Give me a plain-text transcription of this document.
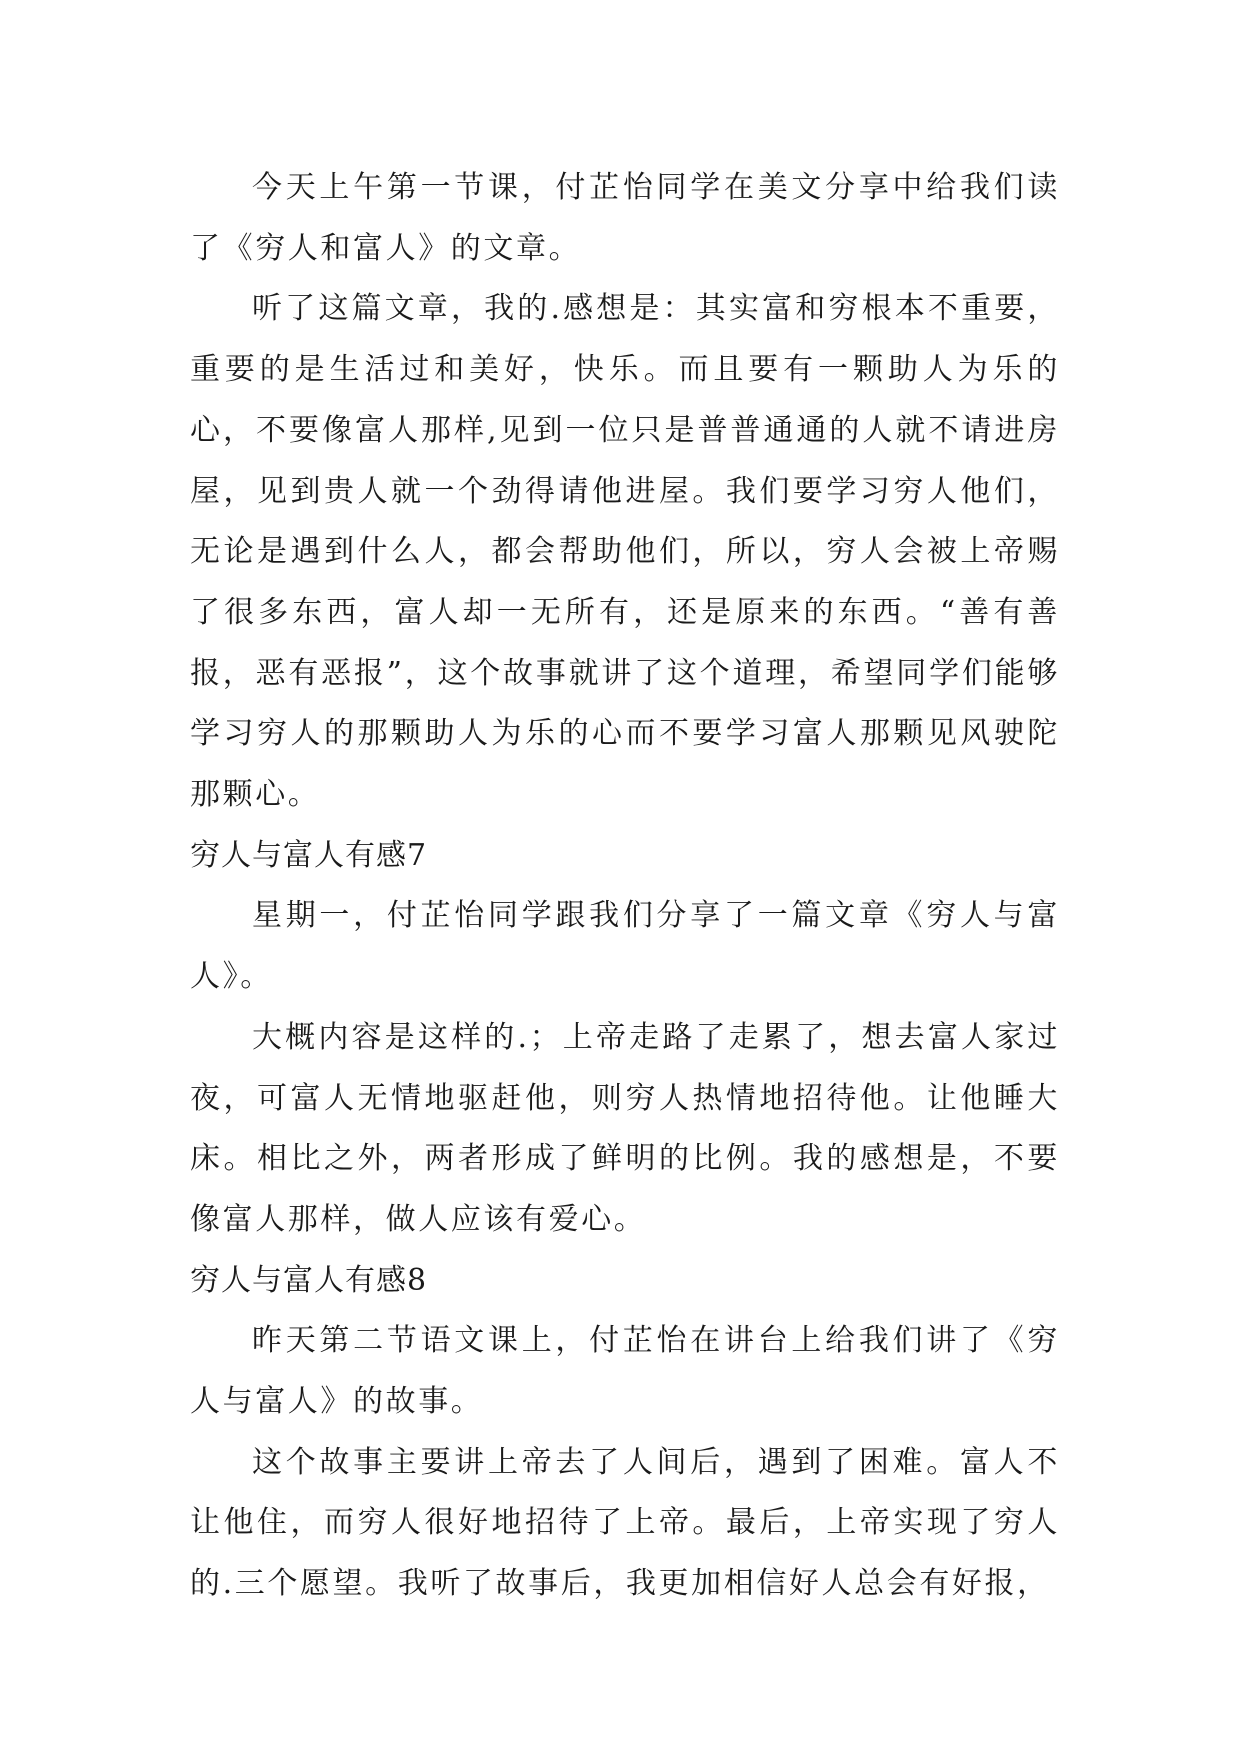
今天上午第一节课，付芷怡同学在美文分享中给我们读了《穷人和富人》的文章。

听了这篇文章，我的.感想是：其实富和穷根本不重要，重要的是生活过和美好，快乐。而且要有一颗助人为乐的心，不要像富人那样,见到一位只是普普通通的人就不请进房屋，见到贵人就一个劲得请他进屋。我们要学习穷人他们，无论是遇到什么人，都会帮助他们，所以，穷人会被上帝赐了很多东西，富人却一无所有，还是原来的东西。“善有善报，恶有恶报”，这个故事就讲了这个道理，希望同学们能够学习穷人的那颗助人为乐的心而不要学习富人那颗见风驶陀那颗心。

穷人与富人有感7

星期一，付芷怡同学跟我们分享了一篇文章《穷人与富人》。

大概内容是这样的.；上帝走路了走累了，想去富人家过夜，可富人无情地驱赶他，则穷人热情地招待他。让他睡大床。相比之外，两者形成了鲜明的比例。我的感想是，不要像富人那样，做人应该有爱心。

穷人与富人有感8

昨天第二节语文课上，付芷怡在讲台上给我们讲了《穷人与富人》的故事。

这个故事主要讲上帝去了人间后，遇到了困难。富人不让他住，而穷人很好地招待了上帝。最后，上帝实现了穷人的.三个愿望。我听了故事后，我更加相信好人总会有好报，
